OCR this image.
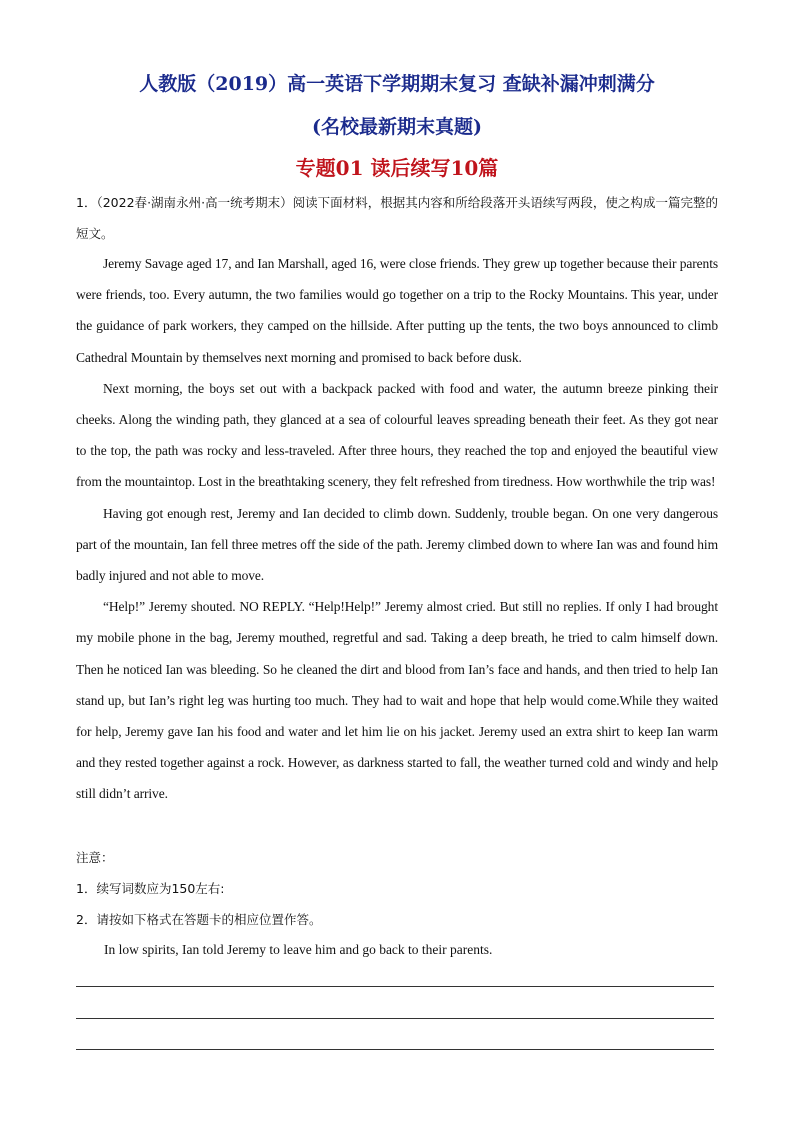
人教版（2019）高一英语下学期期末复习 查缺补漏冲刺满分
(名校最新期末真题)
专题01 读后续写10篇
1．（2022春·湖南永州·高一统考期末）阅读下面材料，根据其内容和所给段落开头语续写两段，使之构成一篇完整的短文。

Jeremy Savage aged 17, and Ian Marshall, aged 16, were close friends. They grew up together because their parents were friends, too. Every autumn, the two families would go together on a trip to the Rocky Mountains. This year, under the guidance of park workers, they camped on the hillside. After putting up the tents, the two boys announced to climb Cathedral Mountain by themselves next morning and promised to back before dusk.

Next morning, the boys set out with a backpack packed with food and water, the autumn breeze pinking their cheeks. Along the winding path, they glanced at a sea of colourful leaves spreading beneath their feet. As they got near to the top, the path was rocky and less-traveled. After three hours, they reached the top and enjoyed the beautiful view from the mountaintop. Lost in the breathtaking scenery, they felt refreshed from tiredness. How worthwhile the trip was!

Having got enough rest, Jeremy and Ian decided to climb down. Suddenly, trouble began. On one very dangerous part of the mountain, Ian fell three metres off the side of the path. Jeremy climbed down to where Ian was and found him badly injured and not able to move.

“Help!” Jeremy shouted. NO REPLY. “Help!Help!” Jeremy almost cried. But still no replies. If only I had brought my mobile phone in the bag, Jeremy mouthed, regretful and sad. Taking a deep breath, he tried to calm himself down. Then he noticed Ian was bleeding. So he cleaned the dirt and blood from Ian’s face and hands, and then tried to help Ian stand up, but Ian’s right leg was hurting too much. They had to wait and hope that help would come.While they waited for help, Jeremy gave Ian his food and water and let him lie on his jacket. Jeremy used an extra shirt to keep Ian warm and they rested together against a rock. However, as darkness started to fall, the weather turned cold and windy and help still didn’t arrive.

注意：
1．续写词数应为150左右:
2．请按如下格式在答题卡的相应位置作答。
In low spirits, Ian told Jeremy to leave him and go back to their parents.
